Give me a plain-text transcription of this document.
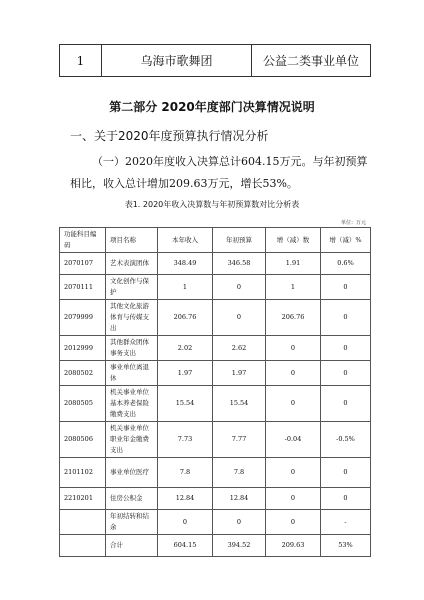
1	乌海市歌舞团	公益二类事业单位
第二部分 2020年度部门决算情况说明
一、关于2020年度预算执行情况分析
（一）2020年度收入决算总计604.15万元。与年初预算
相比，收入总计增加209.63万元，增长53%。
表1. 2020年收入决算数与年初预算数对比分析表
单位：万元
功能科目编码	项目名称	本年收入	年初预算	增（减）数	增（减）%
2070107	艺术表演团体	348.49	346.58	1.91	0.6%
2070111	文化创作与保护	1	0	1	0
2079999	其他文化旅游体育与传媒支出	206.76	0	206.76	0
2012999	其他群众团体事务支出	2.02	2.62	0	0
2080502	事业单位离退休	1.97	1.97	0	0
2080505	机关事业单位基本养老保险缴费支出	15.54	15.54	0	0
2080506	机关事业单位职业年金缴费支出	7.73	7.77	-0.04	-0.5%
2101102	事业单位医疗	7.8	7.8	0	0
2210201	住房公积金	12.84	12.84	0	0
	年初结转和结余	0	0	0	-
	合计	604.15	394.52	209.63	53%
